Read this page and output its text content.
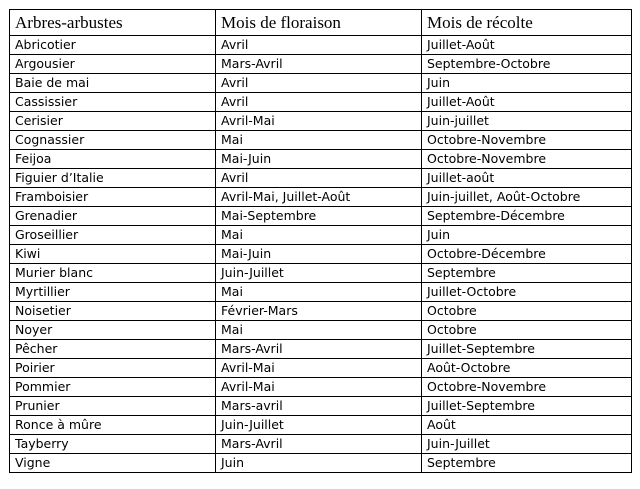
Arbres-arbustes	Mois de floraison	Mois de récolte
Abricotier	Avril	Juillet-Août
Argousier	Mars-Avril	Septembre-Octobre
Baie de mai	Avril	Juin
Cassissier	Avril	Juillet-Août
Cerisier	Avril-Mai	Juin-juillet
Cognassier	Mai	Octobre-Novembre
Feijoa	Mai-Juin	Octobre-Novembre
Figuier d’Italie	Avril	Juillet-août
Framboisier	Avril-Mai, Juillet-Août	Juin-juillet, Août-Octobre
Grenadier	Mai-Septembre	Septembre-Décembre
Groseillier	Mai	Juin
Kiwi	Mai-Juin	Octobre-Décembre
Murier blanc	Juin-Juillet	Septembre
Myrtillier	Mai	Juillet-Octobre
Noisetier	Février-Mars	Octobre
Noyer	Mai	Octobre
Pêcher	Mars-Avril	Juillet-Septembre
Poirier	Avril-Mai	Août-Octobre
Pommier	Avril-Mai	Octobre-Novembre
Prunier	Mars-avril	Juillet-Septembre
Ronce à mûre	Juin-Juillet	Août
Tayberry	Mars-Avril	Juin-Juillet
Vigne	Juin	Septembre
